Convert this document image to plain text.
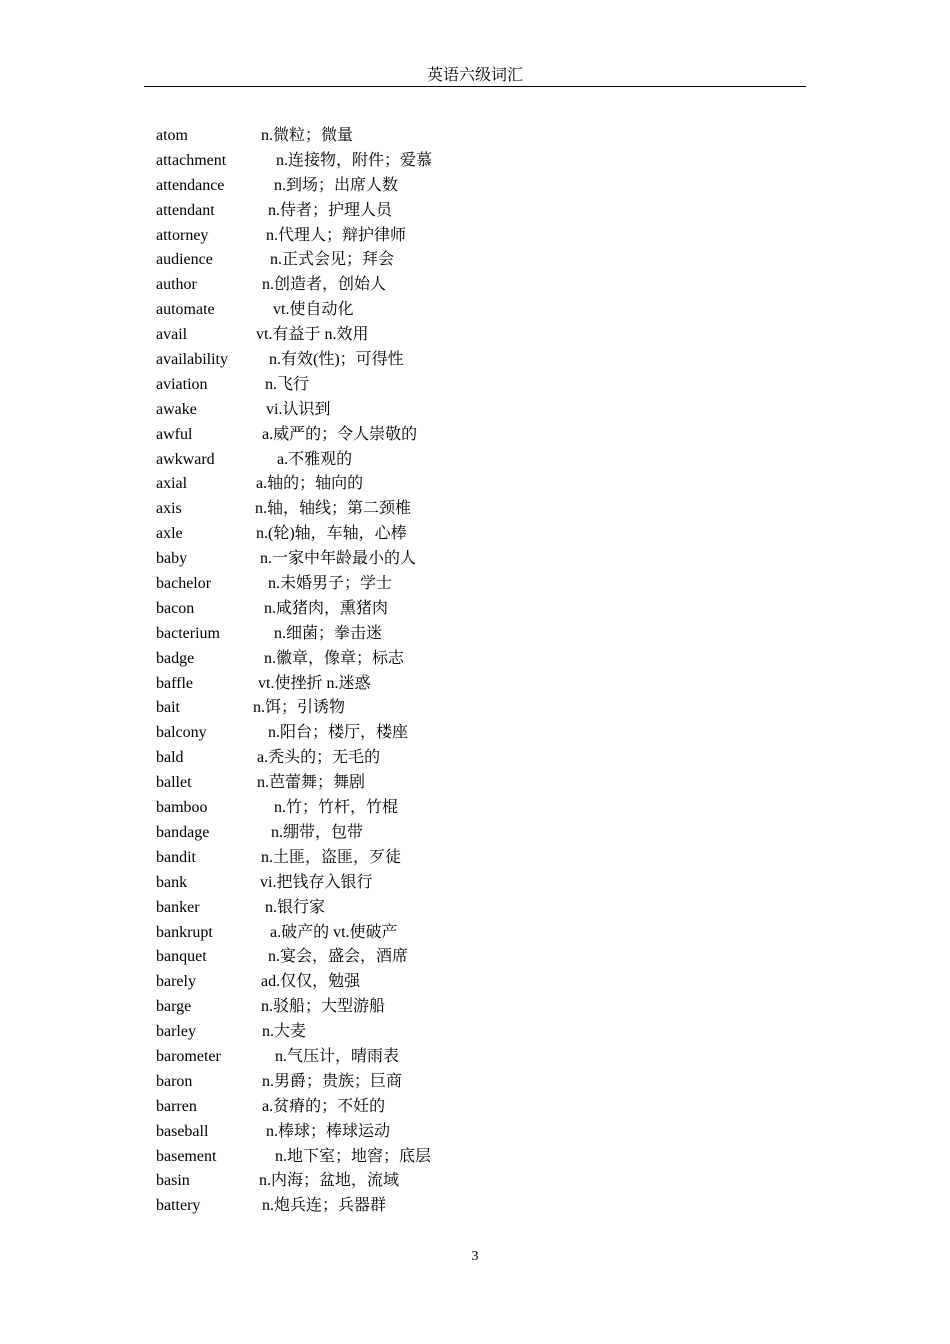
英语六级词汇
atom	n.微粒；微量
attachment	n.连接物，附件；爱慕
attendance	n.到场；出席人数
attendant	n.侍者；护理人员
attorney	n.代理人；辩护律师
audience	n.正式会见；拜会
author	n.创造者，创始人
automate	vt.使自动化
avail	vt.有益于 n.效用
availability	n.有效(性)；可得性
aviation	n.飞行
awake	vi.认识到
awful	a.威严的；令人崇敬的
awkward	a.不雅观的
axial	a.轴的；轴向的
axis	n.轴，轴线；第二颈椎
axle	n.(轮)轴，车轴，心棒
baby	n.一家中年龄最小的人
bachelor	n.未婚男子；学士
bacon	n.咸猪肉，熏猪肉
bacterium	n.细菌；拳击迷
badge	n.徽章，像章；标志
baffle	vt.使挫折 n.迷惑
bait	n.饵；引诱物
balcony	n.阳台；楼厅，楼座
bald	a.秃头的；无毛的
ballet	n.芭蕾舞；舞剧
bamboo	n.竹；竹杆，竹棍
bandage	n.绷带，包带
bandit	n.土匪，盗匪，歹徒
bank	vi.把钱存入银行
banker	n.银行家
bankrupt	a.破产的 vt.使破产
banquet	n.宴会，盛会，酒席
barely	ad.仅仅，勉强
barge	n.驳船；大型游船
barley	n.大麦
barometer	n.气压计，晴雨表
baron	n.男爵；贵族；巨商
barren	a.贫瘠的；不妊的
baseball	n.棒球；棒球运动
basement	n.地下室；地窖；底层
basin	n.内海；盆地，流域
battery	n.炮兵连；兵器群
3
